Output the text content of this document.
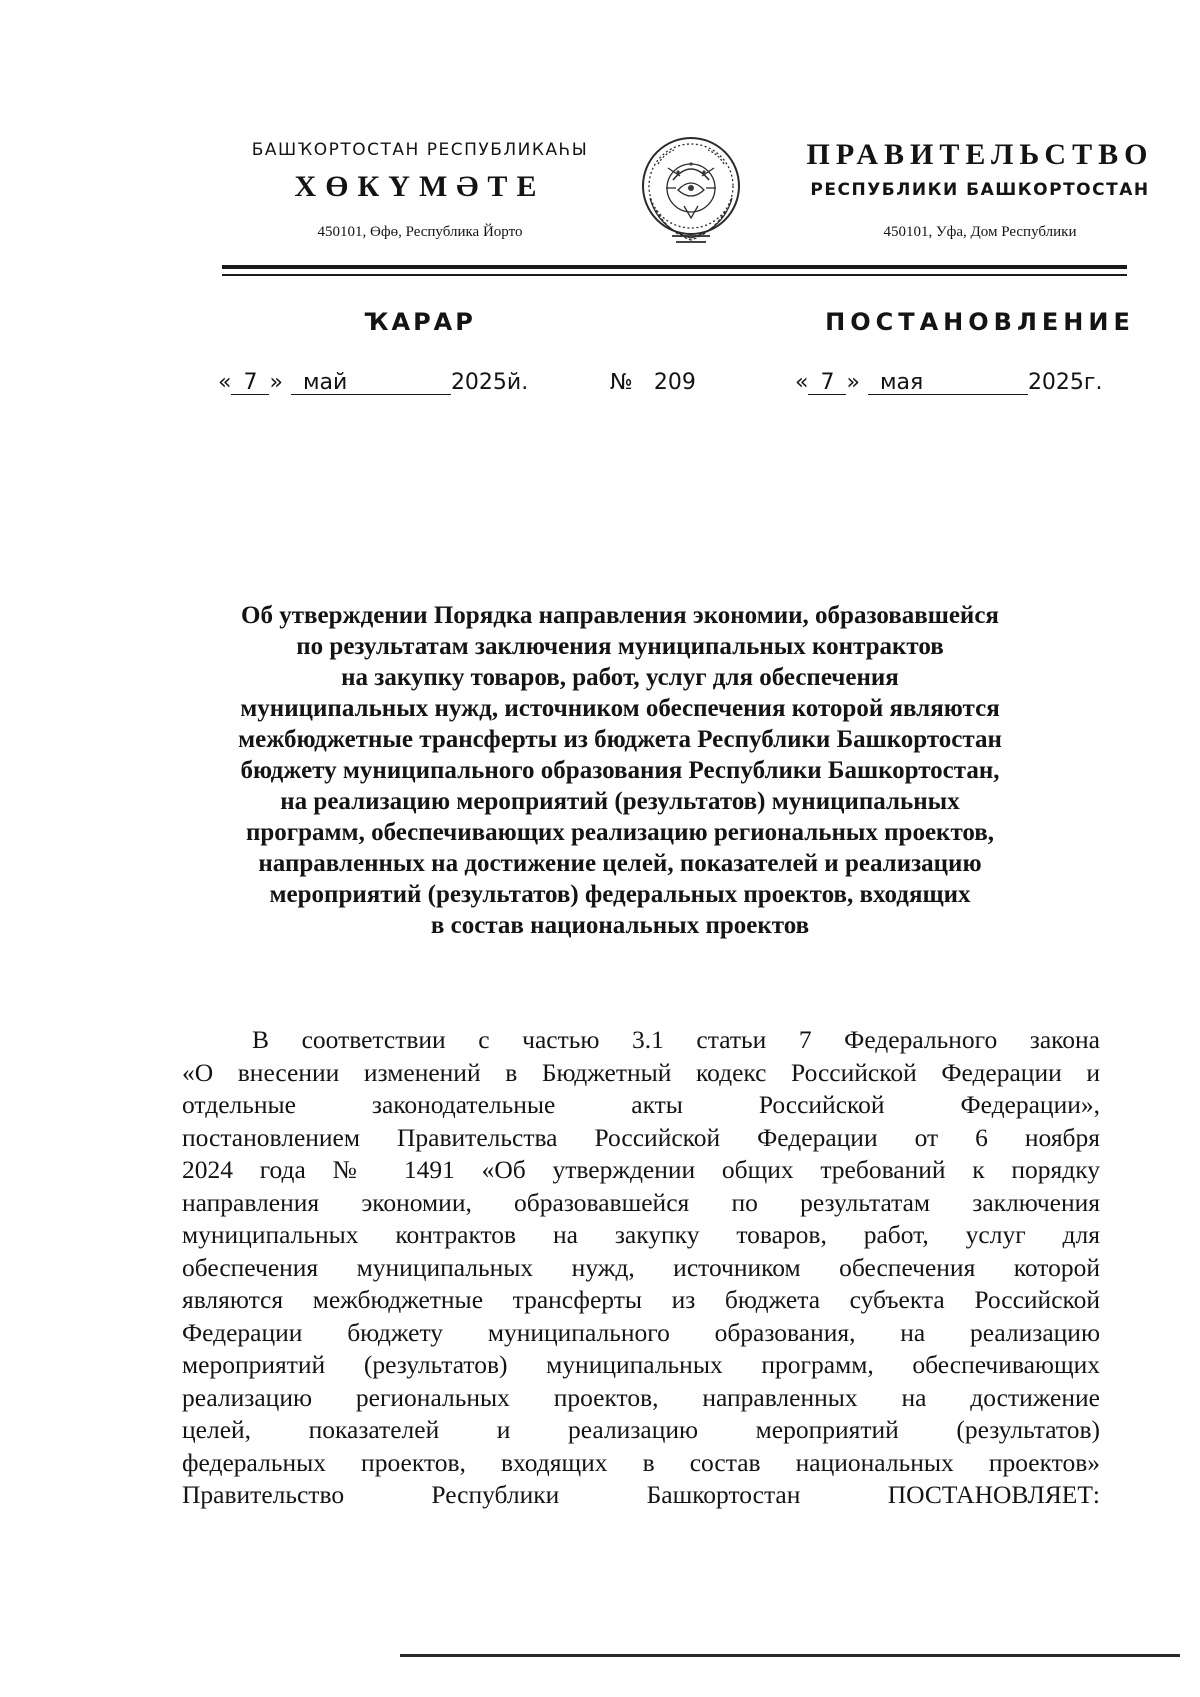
БАШҠОРТОСТАН РЕСПУБЛИКАҺЫ
ХӨКҮМӘТЕ
450101, Өфө, Республика Йорто
ПРАВИТЕЛЬСТВО
РЕСПУБЛИКИ БАШКОРТОСТАН
450101, Уфа, Дом Республики
ҠАРАР	ПОСТАНОВЛЕНИЕ
« 7 » май	2025й.	№ 209	« 7 » мая	2025г.
Об утверждении Порядка направления экономии, образовавшейся
по результатам заключения муниципальных контрактов
на закупку товаров, работ, услуг для обеспечения
муниципальных нужд, источником обеспечения которой являются
межбюджетные трансферты из бюджета Республики Башкортостан
бюджету муниципального образования Республики Башкортостан,
на реализацию мероприятий (результатов) муниципальных
программ, обеспечивающих реализацию региональных проектов,
направленных на достижение целей, показателей и реализацию
мероприятий (результатов) федеральных проектов, входящих
в состав национальных проектов
В соответствии с частью 3.1 статьи 7 Федерального закона
«О внесении изменений в Бюджетный кодекс Российской Федерации и
отдельные законодательные акты Российской Федерации»,
постановлением Правительства Российской Федерации от 6 ноября
2024 года № 1491 «Об утверждении общих требований к порядку
направления экономии, образовавшейся по результатам заключения
муниципальных контрактов на закупку товаров, работ, услуг для
обеспечения муниципальных нужд, источником обеспечения которой
являются межбюджетные трансферты из бюджета субъекта Российской
Федерации бюджету муниципального образования, на реализацию
мероприятий (результатов) муниципальных программ, обеспечивающих
реализацию региональных проектов, направленных на достижение
целей, показателей и реализацию мероприятий (результатов)
федеральных проектов, входящих в состав национальных проектов»
Правительство Республики Башкортостан ПОСТАНОВЛЯЕТ:
